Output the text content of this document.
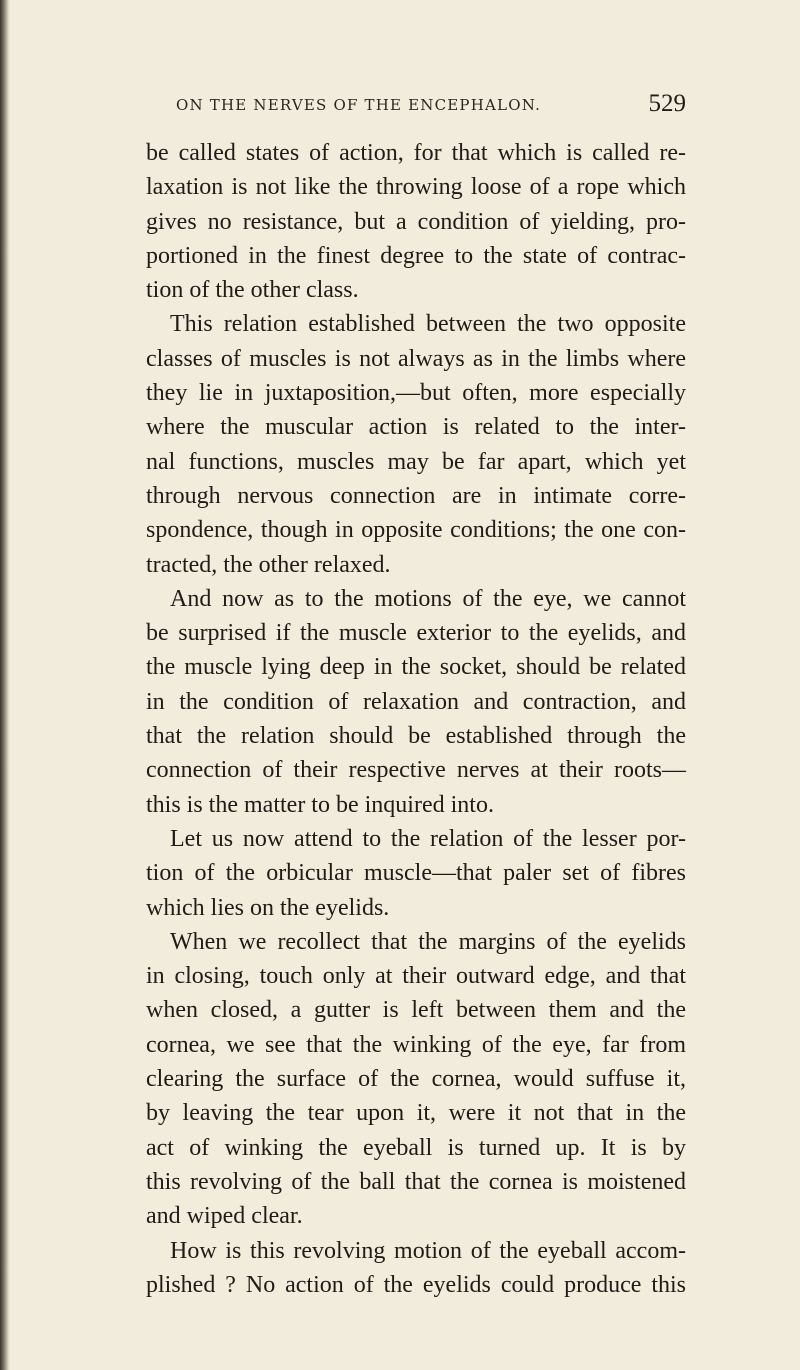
ON THE NERVES OF THE ENCEPHALON.	529
be called states of action, for that which is called re-
laxation is not like the throwing loose of a rope which
gives no resistance, but a condition of yielding, pro-
portioned in the finest degree to the state of contrac-
tion of the other class.
This relation established between the two opposite
classes of muscles is not always as in the limbs where
they lie in juxtaposition,—but often, more especially
where the muscular action is related to the inter-
nal functions, muscles may be far apart, which yet
through nervous connection are in intimate corre-
spondence, though in opposite conditions; the one con-
tracted, the other relaxed.
And now as to the motions of the eye, we cannot
be surprised if the muscle exterior to the eyelids, and
the muscle lying deep in the socket, should be related
in the condition of relaxation and contraction, and
that the relation should be established through the
connection of their respective nerves at their roots—
this is the matter to be inquired into.
Let us now attend to the relation of the lesser por-
tion of the orbicular muscle—that paler set of fibres
which lies on the eyelids.
When we recollect that the margins of the eyelids
in closing, touch only at their outward edge, and that
when closed, a gutter is left between them and the
cornea, we see that the winking of the eye, far from
clearing the surface of the cornea, would suffuse it,
by leaving the tear upon it, were it not that in the
act of winking the eyeball is turned up. It is by
this revolving of the ball that the cornea is moistened
and wiped clear.
How is this revolving motion of the eyeball accom-
plished ? No action of the eyelids could produce this
